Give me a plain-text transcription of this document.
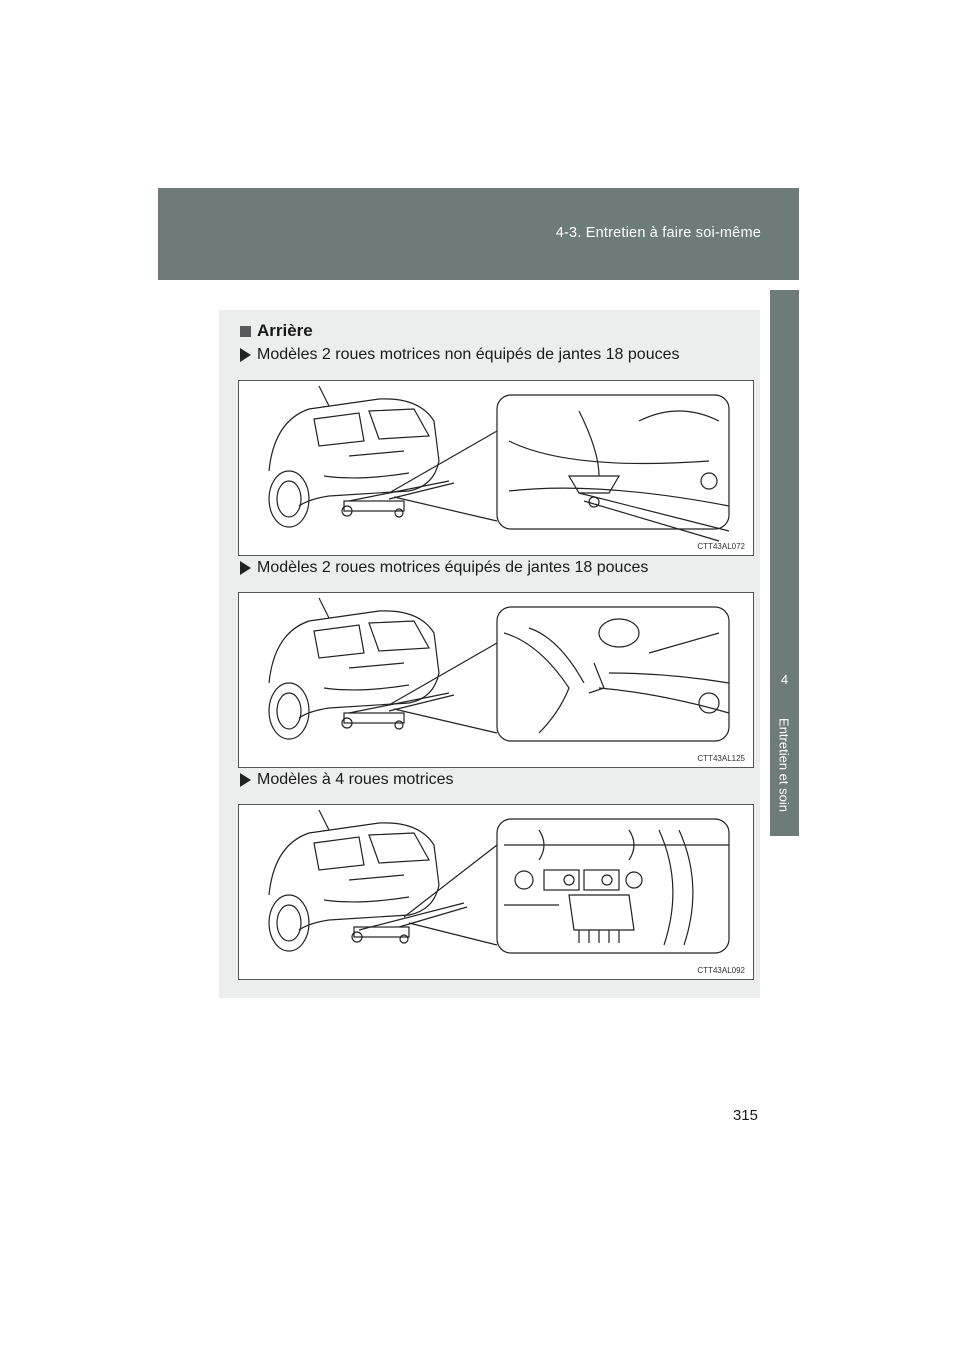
4-3. Entretien à faire soi-même
4
Entretien et soin
Arrière
Modèles 2 roues motrices non équipés de jantes 18 pouces
CTT43AL072
Modèles 2 roues motrices équipés de jantes 18 pouces
CTT43AL125
Modèles à 4 roues motrices
CTT43AL092
315
